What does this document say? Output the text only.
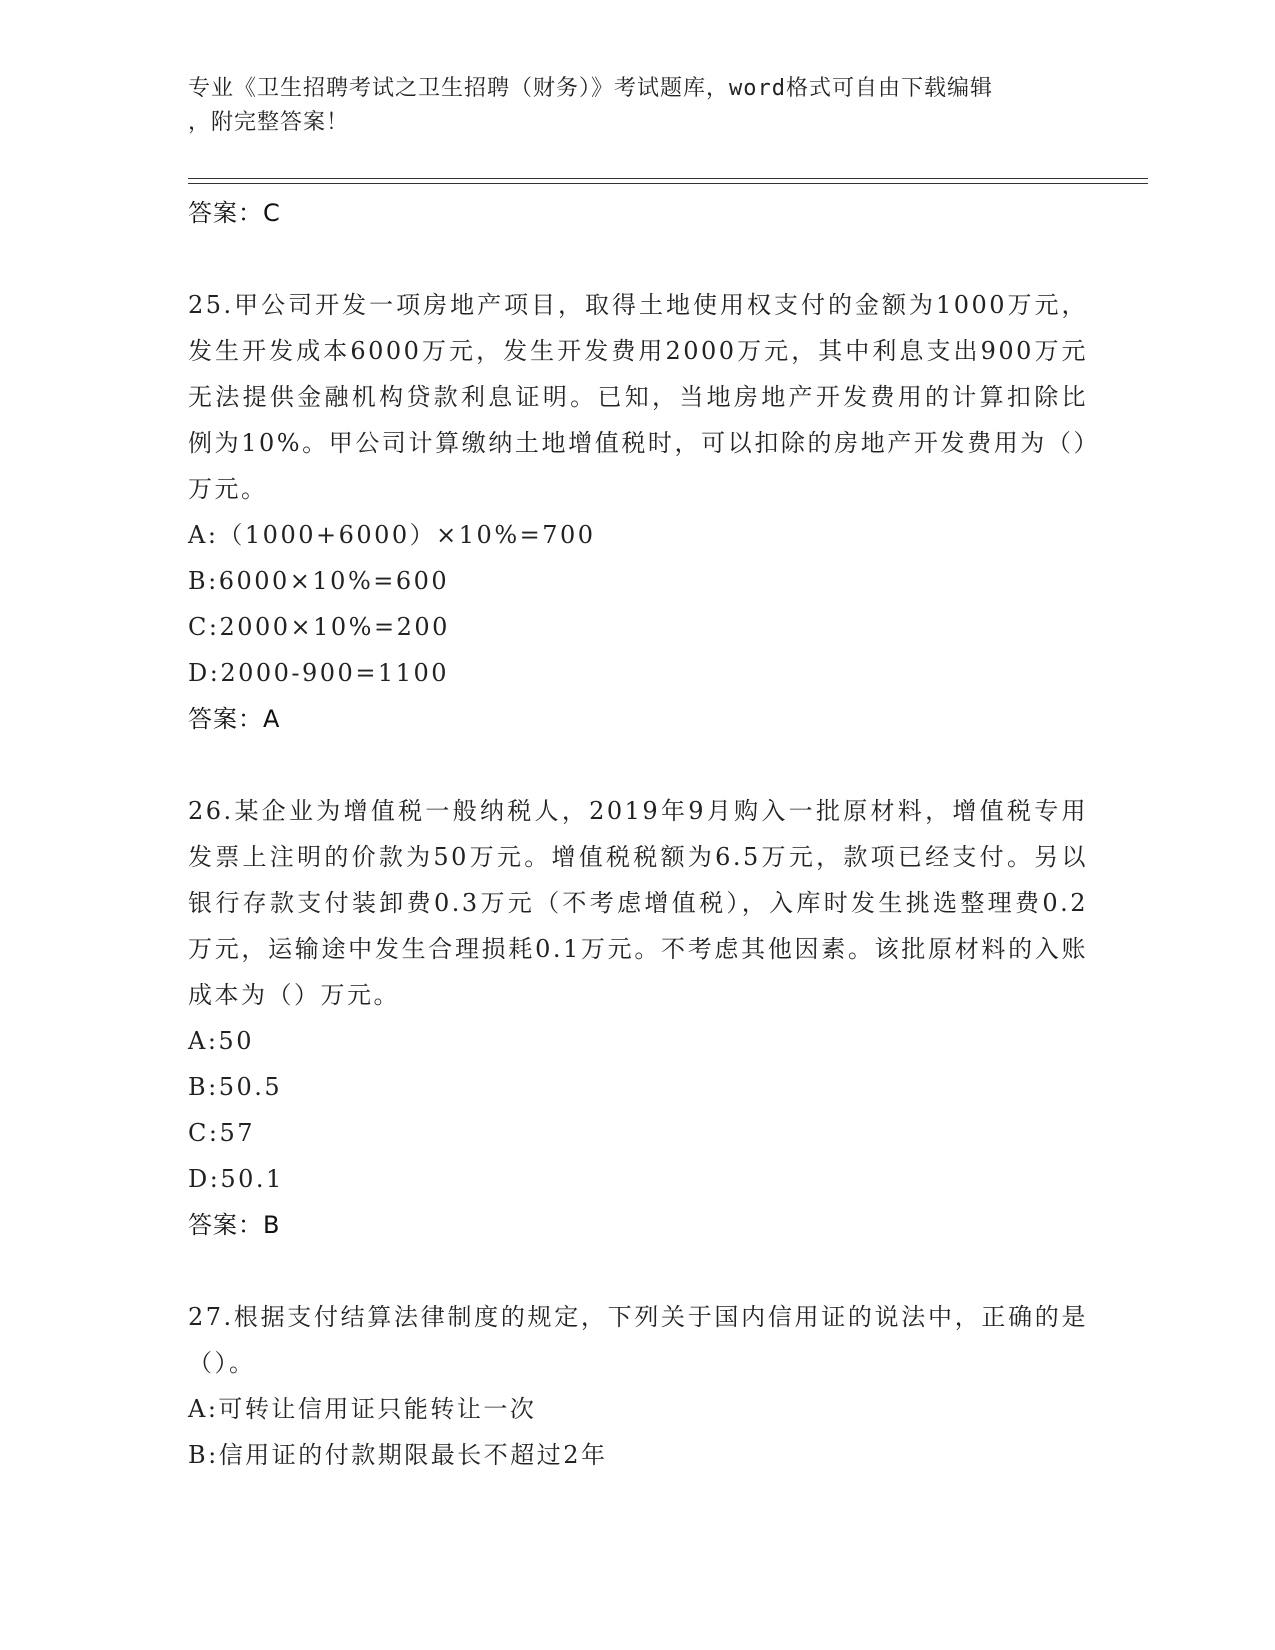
专业《卫生招聘考试之卫生招聘（财务）》考试题库，word格式可自由下载编辑
，附完整答案！
答案：C
25.甲公司开发一项房地产项目，取得土地使用权支付的金额为1000万元，发生开发成本6000万元，发生开发费用2000万元，其中利息支出900万元无法提供金融机构贷款利息证明。已知，当地房地产开发费用的计算扣除比例为10%。甲公司计算缴纳土地增值税时，可以扣除的房地产开发费用为（）万元。
A:（1000+6000）×10%=700
B:6000×10%=600
C:2000×10%=200
D:2000-900=1100
答案：A
26.某企业为增值税一般纳税人，2019年9月购入一批原材料，增值税专用发票上注明的价款为50万元。增值税税额为6.5万元，款项已经支付。另以银行存款支付装卸费0.3万元（不考虑增值税），入库时发生挑选整理费0.2万元，运输途中发生合理损耗0.1万元。不考虑其他因素。该批原材料的入账成本为（）万元。
A:50
B:50.5
C:57
D:50.1
答案：B
27.根据支付结算法律制度的规定，下列关于国内信用证的说法中，正确的是（）。
A:可转让信用证只能转让一次
B:信用证的付款期限最长不超过2年
